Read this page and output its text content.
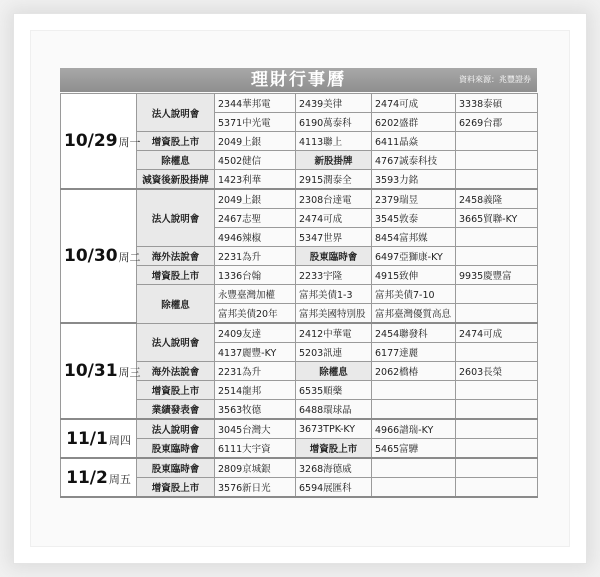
理財行事曆	資料來源：兆豐證券
10/29周一	法人說明會	2344華邦電	2439美律	2474可成	3338泰碩
		5371中光電	6190萬泰科	6202盛群	6269台郡
	增資股上市	2049上銀	4113聯上	6411晶焱	
	除權息	4502健信	新股掛牌	4767誠泰科技	
	減資後新股掛牌	1423利華	2915潤泰全	3593力銘	
10/30周二	法人說明會	2049上銀	2308台達電	2379瑞昱	2458義隆
		2467志聖	2474可成	3545敦泰	3665貿聯-KY
		4946辣椒	5347世界	8454富邦媒	
	海外法說會	2231為升	股東臨時會	6497亞獅康-KY	
	增資股上市	1336台翰	2233宇隆	4915致伸	9935慶豐富
	除權息	永豐臺灣加權	富邦美債1-3	富邦美債7-10	
		富邦美債20年	富邦美國特別股	富邦臺灣優質高息	
10/31周三	法人說明會	2409友達	2412中華電	2454聯發科	2474可成
		4137麗豐-KY	5203訊連	6177達麗	
	海外法說會	2231為升	除權息	2062橋椿	2603長榮
	增資股上市	2514龍邦	6535順藥		
	業績發表會	3563牧德	6488環球晶		
11/1周四	法人說明會	3045台灣大	3673TPK-KY	4966譜瑞-KY	
	股東臨時會	6111大宇資	增資股上市	5465富驊	
11/2周五	股東臨時會	2809京城銀	3268海德威		
	增資股上市	3576新日光	6594展匯科		
